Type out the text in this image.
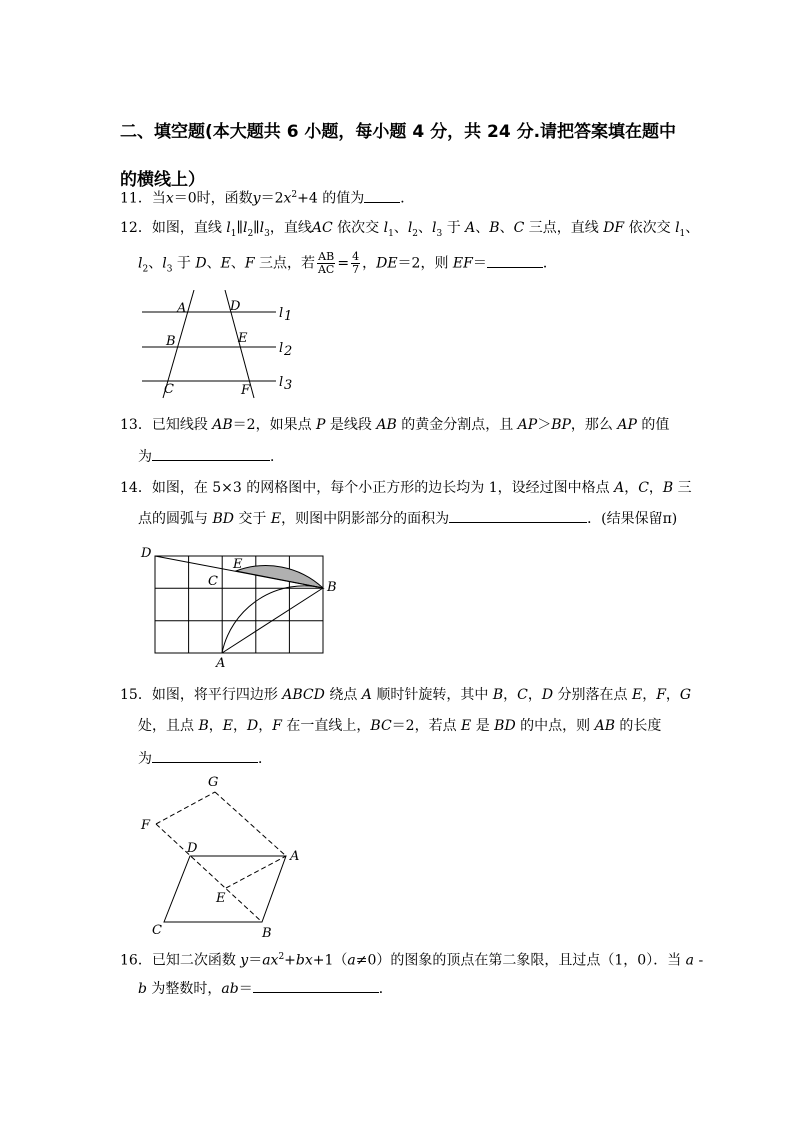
二、填空题(本大题共 6 小题，每小题 4 分，共 24 分.请把答案填在题中的横线上）
11．当x＝0时，函数$y=2x^2+4$ 的值为	．
12．如图，直线 $l_1\parallel l_2\parallel l_3$，直线AC 依次交 $l_1$、$l_2$、$l_3$ 于 A、B、C 三点，直线 DF 依次交 $l_1$、
$l_2$、$l_3$ 于 D、E、F 三点，若 $\frac{AB}{AC} = \frac{4}{7}$ ，DE＝2，则 EF＝	．
A	D
B	E
C	F
l 1
l 2
l 3
13．已知线段 AB＝2，如果点 P 是线段 AB 的黄金分割点，且 AP＞BP，那么 AP 的值
为	．
14．如图，在 5×3 的网格图中，每个小正方形的边长均为 1，设经过图中格点 A，C，B 三
点的圆弧与 BD 交于 E，则图中阴影部分的面积为	．(结果保留π)
D
E
C	B
A
15．如图，将平行四边形 ABCD 绕点 A 顺时针旋转，其中 B，C，D 分别落在点 E，F，G
处，且点 B，E，D，F 在一直线上，BC＝2，若点 E 是 BD 的中点，则 AB 的长度
为	．
G
F
D
A
E
C	B
16．已知二次函数 $y=ax^2+bx+1(a\ne 0)$的图象的顶点在第二象限，且过点（1，0）．当 a -
b 为整数时，ab＝	．
